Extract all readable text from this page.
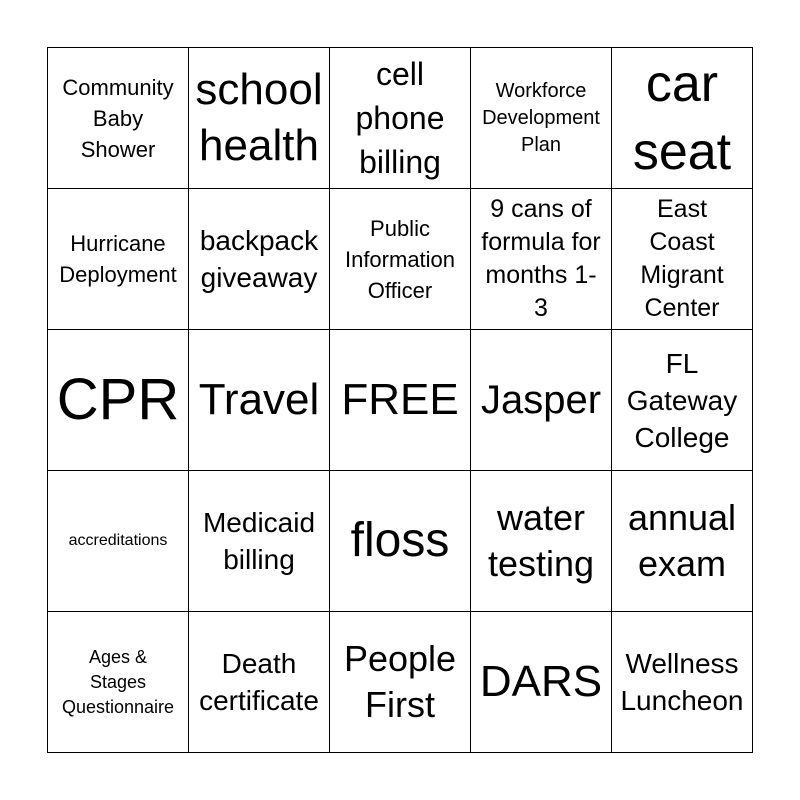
Community
Baby
Shower
school
health
cell
phone
billing
Workforce
Development
Plan
car
seat
Hurricane
Deployment
backpack
giveaway
Public
Information
Officer
9 cans of
formula for
months 1-
3
East
Coast
Migrant
Center
CPR Travel FREE Jasper
FL
Gateway
College
accreditations
Medicaid
billing	floss water
testing
annual
exam
Ages &
Stages
Questionnaire
Death
certificate
People
First	DARS Wellness
Luncheon
